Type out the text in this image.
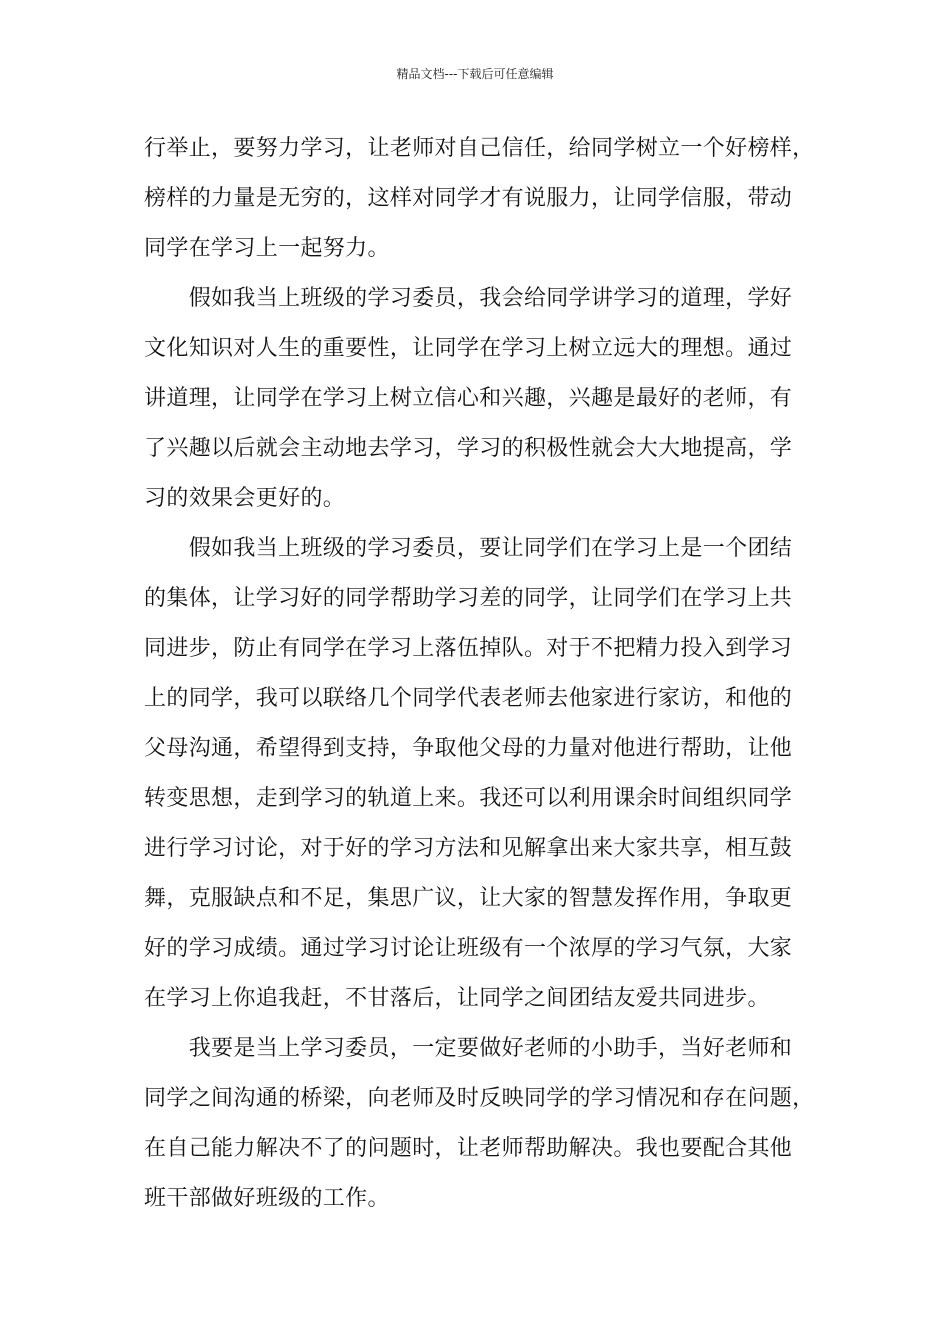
精品文档---下载后可任意编辑
行举止，要努力学习，让老师对自己信任，给同学树立一个好榜样，
榜样的力量是无穷的，这样对同学才有说服力，让同学信服，带动
同学在学习上一起努力。
　　假如我当上班级的学习委员，我会给同学讲学习的道理，学好
文化知识对人生的重要性，让同学在学习上树立远大的理想。通过
讲道理，让同学在学习上树立信心和兴趣，兴趣是最好的老师，有
了兴趣以后就会主动地去学习，学习的积极性就会大大地提高，学
习的效果会更好的。
　　假如我当上班级的学习委员，要让同学们在学习上是一个团结
的集体，让学习好的同学帮助学习差的同学，让同学们在学习上共
同进步，防止有同学在学习上落伍掉队。对于不把精力投入到学习
上的同学，我可以联络几个同学代表老师去他家进行家访，和他的
父母沟通，希望得到支持，争取他父母的力量对他进行帮助，让他
转变思想，走到学习的轨道上来。我还可以利用课余时间组织同学
进行学习讨论，对于好的学习方法和见解拿出来大家共享，相互鼓
舞，克服缺点和不足，集思广议，让大家的智慧发挥作用，争取更
好的学习成绩。通过学习讨论让班级有一个浓厚的学习气氛，大家
在学习上你追我赶，不甘落后，让同学之间团结友爱共同进步。
　　我要是当上学习委员，一定要做好老师的小助手，当好老师和
同学之间沟通的桥梁，向老师及时反映同学的学习情况和存在问题，
在自己能力解决不了的问题时，让老师帮助解决。我也要配合其他
班干部做好班级的工作。
